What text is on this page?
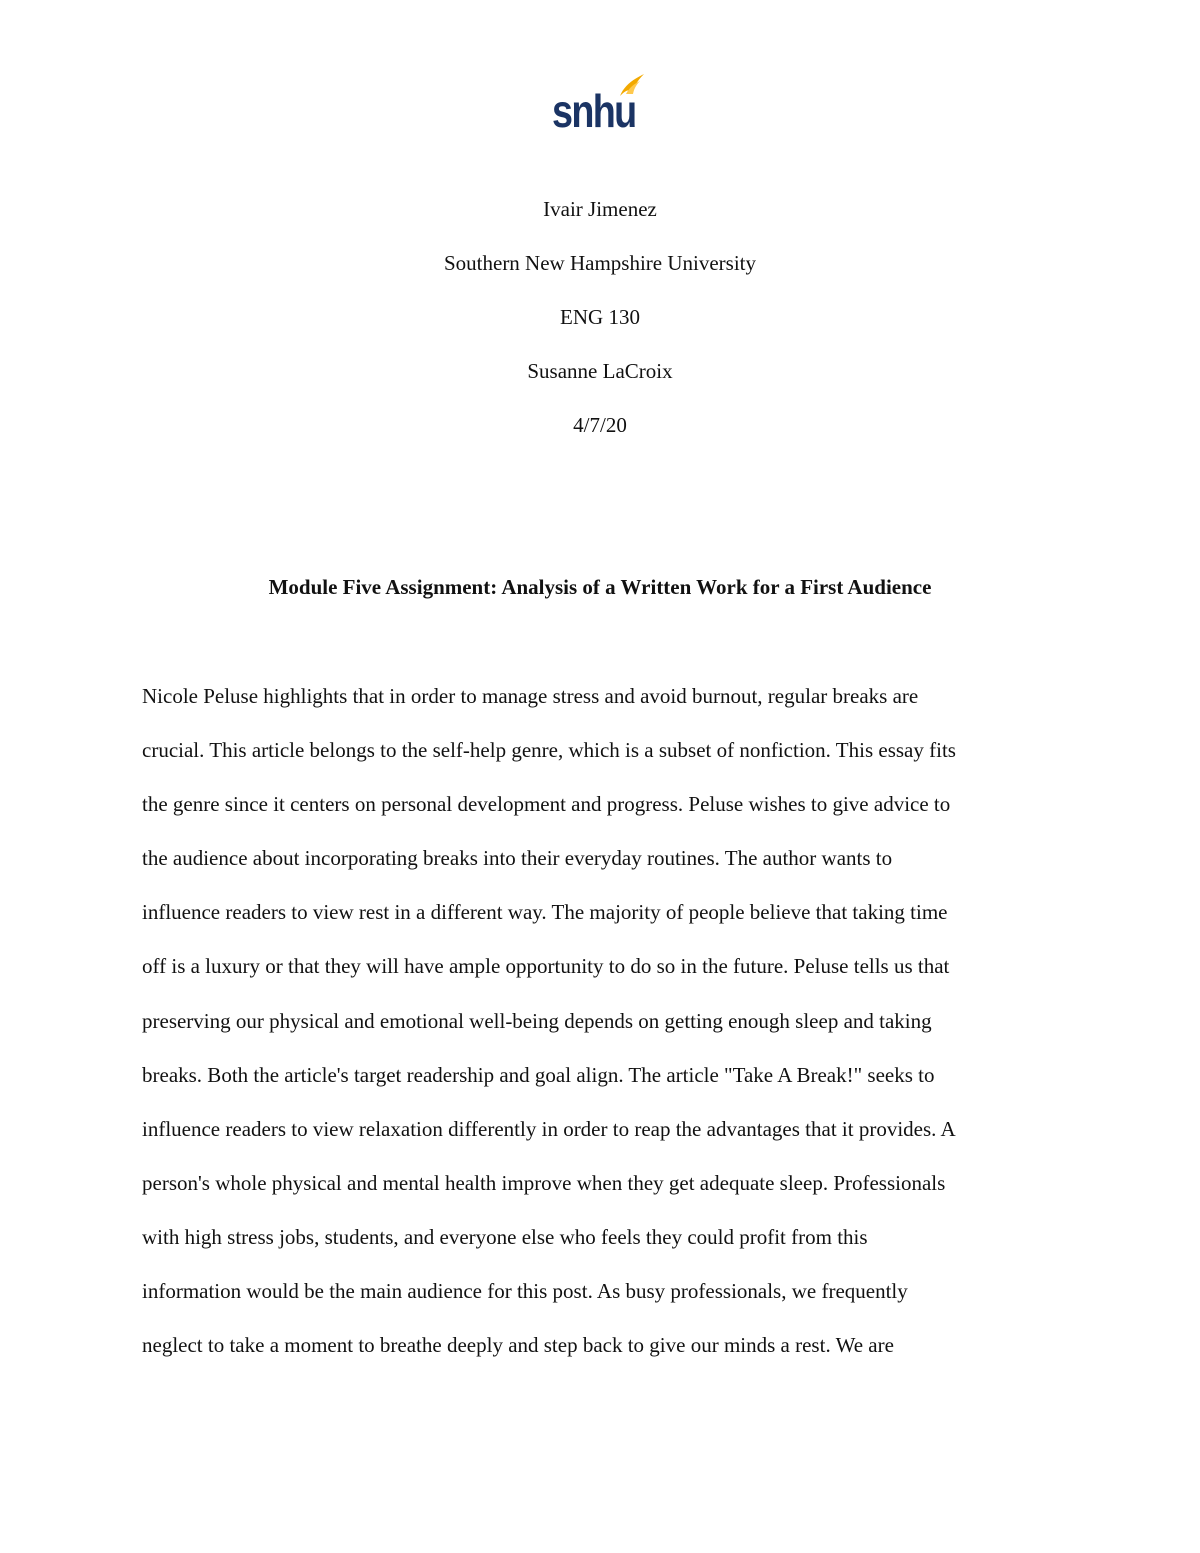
snhu
Ivair Jimenez
Southern New Hampshire University
ENG 130
Susanne LaCroix
4/7/20
Module Five Assignment: Analysis of a Written Work for a First Audience
Nicole Peluse highlights that in order to manage stress and avoid burnout, regular breaks are
crucial. This article belongs to the self-help genre, which is a subset of nonfiction. This essay fits
the genre since it centers on personal development and progress. Peluse wishes to give advice to
the audience about incorporating breaks into their everyday routines. The author wants to
influence readers to view rest in a different way. The majority of people believe that taking time
off is a luxury or that they will have ample opportunity to do so in the future. Peluse tells us that
preserving our physical and emotional well-being depends on getting enough sleep and taking
breaks. Both the article's target readership and goal align. The article "Take A Break!" seeks to
influence readers to view relaxation differently in order to reap the advantages that it provides. A
person's whole physical and mental health improve when they get adequate sleep. Professionals
with high stress jobs, students, and everyone else who feels they could profit from this
information would be the main audience for this post. As busy professionals, we frequently
neglect to take a moment to breathe deeply and step back to give our minds a rest. We are
